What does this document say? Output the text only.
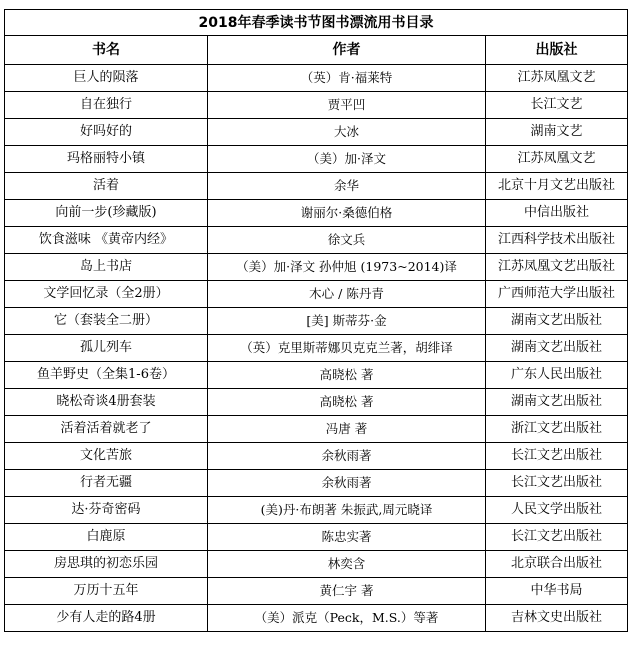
2018年春季读书节图书漂流用书目录		
书名	作者	出版社
巨人的陨落	（英）肯·福莱特	江苏凤凰文艺
自在独行	贾平凹	长江文艺
好吗好的	大冰	湖南文艺
玛格丽特小镇	（美）加·泽文	江苏凤凰文艺
活着	余华	北京十月文艺出版社
向前一步(珍藏版)	谢丽尔·桑德伯格	中信出版社
饮食滋味 《黄帝内经》	徐文兵	江西科学技术出版社
岛上书店	（美）加·泽文 孙仲旭 (1973~2014)译	江苏凤凰文艺出版社
文学回忆录（全2册）	木心 / 陈丹青	广西师范大学出版社
它（套装全二册）	[美] 斯蒂芬·金	湖南文艺出版社
孤儿列车	（英）克里斯蒂娜贝克克兰著，胡绯译	湖南文艺出版社
鱼羊野史（全集1-6卷）	高晓松 著	广东人民出版社
晓松奇谈4册套装	高晓松 著	湖南文艺出版社
活着活着就老了	冯唐 著	浙江文艺出版社
文化苦旅	余秋雨著	长江文艺出版社
行者无疆	余秋雨著	长江文艺出版社
达·芬奇密码	(美)丹·布朗著 朱振武,周元晓译	人民文学出版社
白鹿原	陈忠实著	长江文艺出版社
房思琪的初恋乐园	林奕含	北京联合出版社
万历十五年	黄仁宇 著	中华书局
少有人走的路4册	（美）派克（Peck，M.S.）等著	吉林文史出版社
